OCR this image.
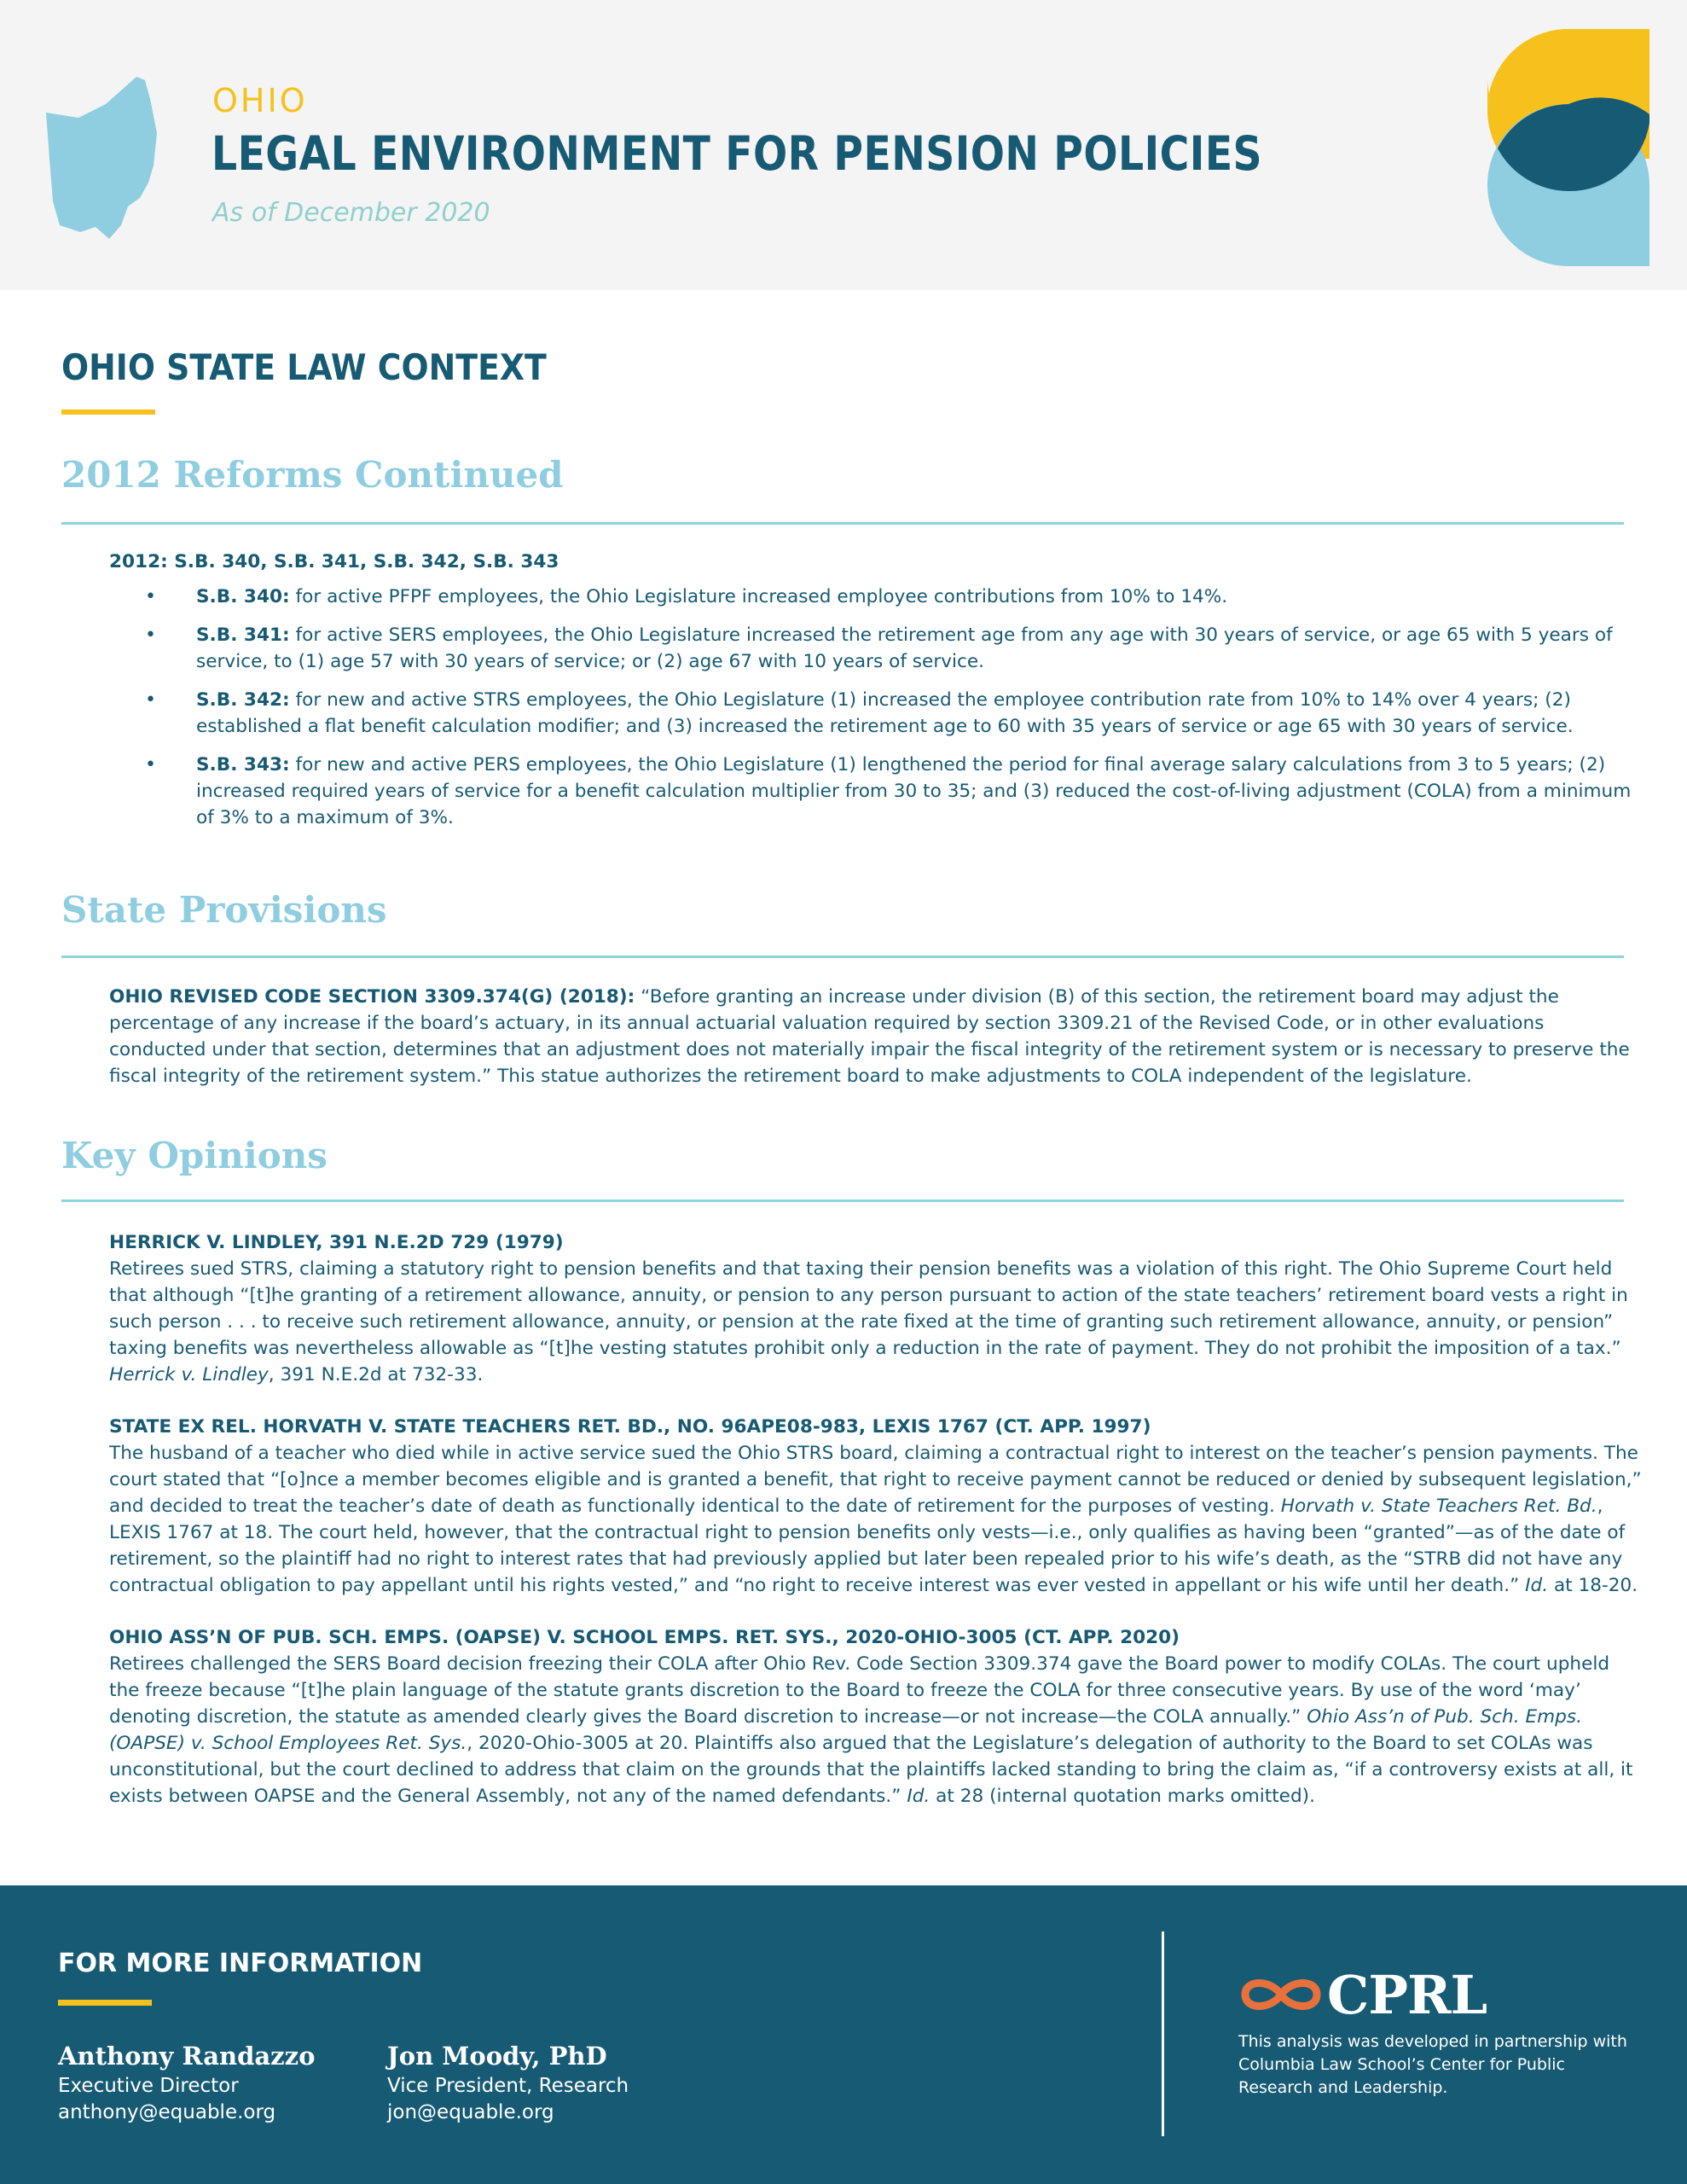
OHIO
LEGAL ENVIRONMENT FOR PENSION POLICIES
As of December 2020
OHIO STATE LAW CONTEXT
2012 Reforms Continued
2012: S.B. 340, S.B. 341, S.B. 342, S.B. 343
• S.B. 340: for active PFPF employees, the Ohio Legislature increased employee contributions from 10% to 14%.
• S.B. 341: for active SERS employees, the Ohio Legislature increased the retirement age from any age with 30 years of service, or age 65 with 5 years of service, to (1) age 57 with 30 years of service; or (2) age 67 with 10 years of service.
• S.B. 342: for new and active STRS employees, the Ohio Legislature (1) increased the employee contribution rate from 10% to 14% over 4 years; (2) established a flat benefit calculation modifier; and (3) increased the retirement age to 60 with 35 years of service or age 65 with 30 years of service.
• S.B. 343: for new and active PERS employees, the Ohio Legislature (1) lengthened the period for final average salary calculations from 3 to 5 years; (2) increased required years of service for a benefit calculation multiplier from 30 to 35; and (3) reduced the cost-of-living adjustment (COLA) from a minimum of 3% to a maximum of 3%.
State Provisions
OHIO REVISED CODE SECTION 3309.374(G) (2018): “Before granting an increase under division (B) of this section, the retirement board may adjust the percentage of any increase if the board’s actuary, in its annual actuarial valuation required by section 3309.21 of the Revised Code, or in other evaluations conducted under that section, determines that an adjustment does not materially impair the fiscal integrity of the retirement system or is necessary to preserve the fiscal integrity of the retirement system.” This statue authorizes the retirement board to make adjustments to COLA independent of the legislature.
Key Opinions
HERRICK V. LINDLEY, 391 N.E.2D 729 (1979)
Retirees sued STRS, claiming a statutory right to pension benefits and that taxing their pension benefits was a violation of this right. The Ohio Supreme Court held that although “[t]he granting of a retirement allowance, annuity, or pension to any person pursuant to action of the state teachers’ retirement board vests a right in such person . . . to receive such retirement allowance, annuity, or pension at the rate fixed at the time of granting such retirement allowance, annuity, or pension” taxing benefits was nevertheless allowable as “[t]he vesting statutes prohibit only a reduction in the rate of payment. They do not prohibit the imposition of a tax.” Herrick v. Lindley, 391 N.E.2d at 732-33.
STATE EX REL. HORVATH V. STATE TEACHERS RET. BD., NO. 96APE08-983, LEXIS 1767 (CT. APP. 1997)
The husband of a teacher who died while in active service sued the Ohio STRS board, claiming a contractual right to interest on the teacher’s pension payments. The court stated that “[o]nce a member becomes eligible and is granted a benefit, that right to receive payment cannot be reduced or denied by subsequent legislation,” and decided to treat the teacher’s date of death as functionally identical to the date of retirement for the purposes of vesting. Horvath v. State Teachers Ret. Bd., LEXIS 1767 at 18. The court held, however, that the contractual right to pension benefits only vests—i.e., only qualifies as having been “granted”—as of the date of retirement, so the plaintiff had no right to interest rates that had previously applied but later been repealed prior to his wife’s death, as the “STRB did not have any contractual obligation to pay appellant until his rights vested,” and “no right to receive interest was ever vested in appellant or his wife until her death.” Id. at 18-20.
OHIO ASS’N OF PUB. SCH. EMPS. (OAPSE) V. SCHOOL EMPS. RET. SYS., 2020-OHIO-3005 (CT. APP. 2020)
Retirees challenged the SERS Board decision freezing their COLA after Ohio Rev. Code Section 3309.374 gave the Board power to modify COLAs. The court upheld the freeze because “[t]he plain language of the statute grants discretion to the Board to freeze the COLA for three consecutive years. By use of the word ‘may’ denoting discretion, the statute as amended clearly gives the Board discretion to increase—or not increase—the COLA annually.” Ohio Ass’n of Pub. Sch. Emps. (OAPSE) v. School Employees Ret. Sys., 2020-Ohio-3005 at 20. Plaintiffs also argued that the Legislature’s delegation of authority to the Board to set COLAs was unconstitutional, but the court declined to address that claim on the grounds that the plaintiffs lacked standing to bring the claim as, “if a controversy exists at all, it exists between OAPSE and the General Assembly, not any of the named defendants.” Id. at 28 (internal quotation marks omitted).
FOR MORE INFORMATION
Anthony Randazzo
Executive Director
anthony@equable.org
Jon Moody, PhD
Vice President, Research
jon@equable.org
CPRL
This analysis was developed in partnership with Columbia Law School’s Center for Public Research and Leadership.
